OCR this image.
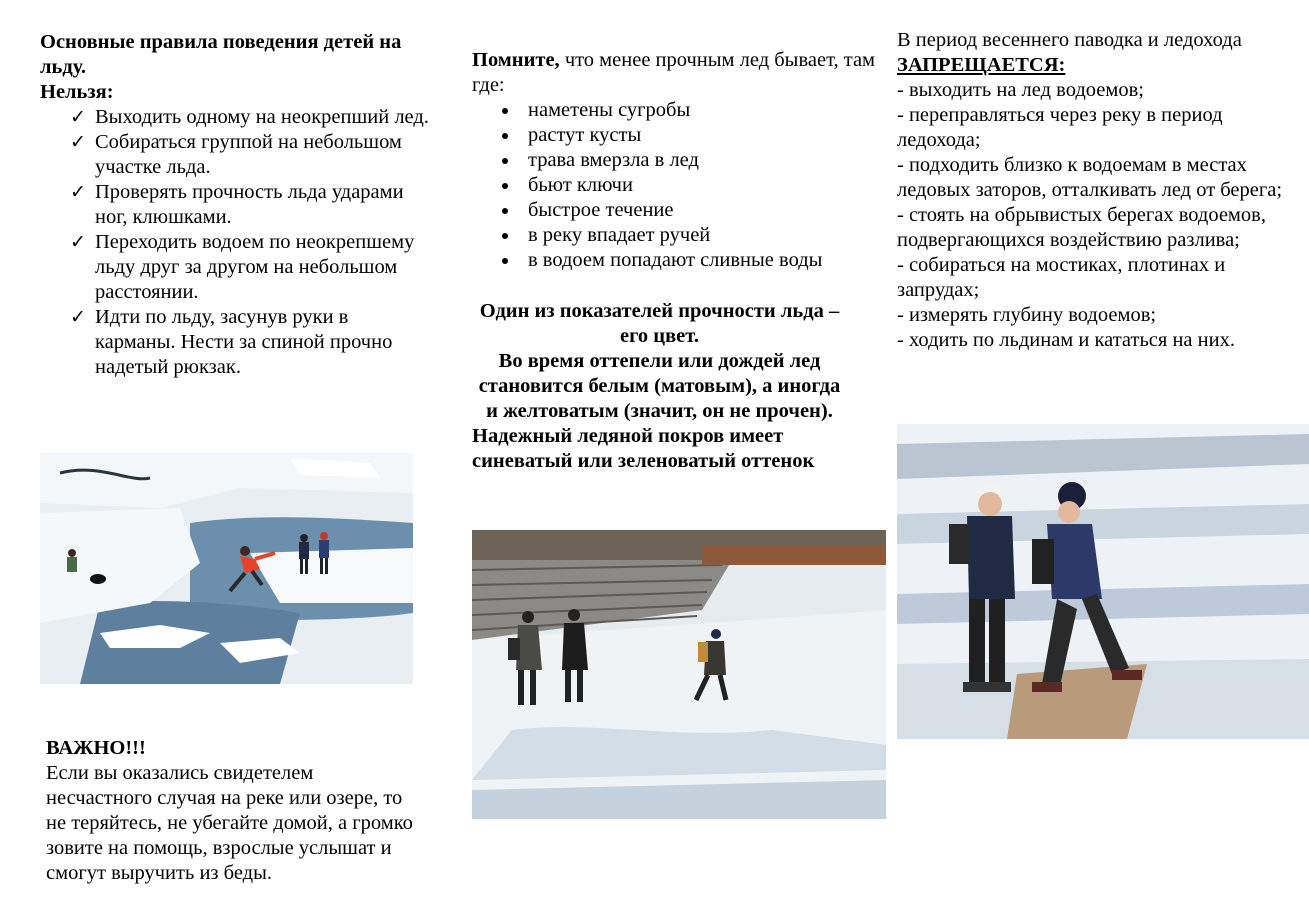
Основные правила поведения детей на льду.
Нельзя:
✓ Выходить одному на неокрепший лед.
✓ Собираться группой на небольшом участке льда.
✓ Проверять прочность льда ударами ног, клюшками.
✓ Переходить водоем по неокрепшему льду друг за другом на небольшом расстоянии.
✓ Идти по льду, засунув руки в карманы. Нести за спиной прочно надетый рюкзак.
ВАЖНО!!!
Если вы оказались свидетелем несчастного случая на реке или озере, то не теряйтесь, не убегайте домой, а громко зовите на помощь, взрослые услышат и смогут выручить из беды.
Помните, что менее прочным лед бывает, там где:
наметены сугробы
растут кусты
трава вмерзла в лед
бьют ключи
быстрое течение
в реку впадает ручей
в водоем попадают сливные воды
Один из показателей прочности льда – его цвет.
Во время оттепели или дождей лед становится белым (матовым), а иногда и желтоватым (значит, он не прочен).
Надежный ледяной покров имеет синеватый или зеленоватый оттенок
В период весеннего паводка и ледохода
ЗАПРЕЩАЕТСЯ:

- выходить на лед водоемов;

- переправляться через реку в период ледохода;

- подходить близко к водоемам в местах ледовых заторов, отталкивать лед от берега;

- стоять на обрывистых берегах водоемов, подвергающихся воздействию разлива;

- собираться на мостиках, плотинах и запрудах;

- измерять глубину водоемов;

- ходить по льдинам и кататься на них.
